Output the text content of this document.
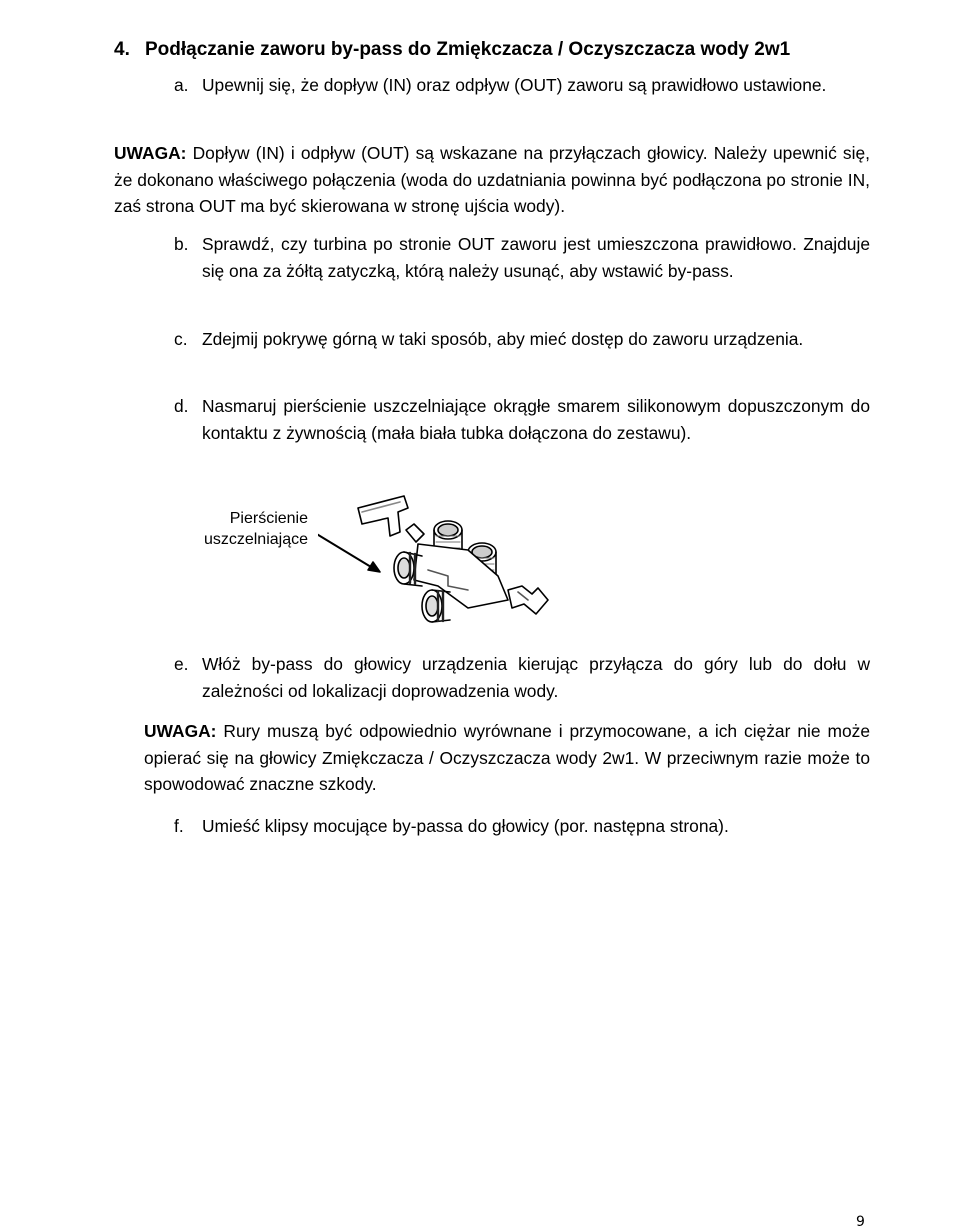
4. Podłączanie zaworu by-pass do Zmiękczacza / Oczyszczacza wody 2w1
a. Upewnij się, że dopływ (IN) oraz odpływ (OUT) zaworu są prawidłowo ustawione.

UWAGA: Dopływ (IN) i odpływ (OUT) są wskazane na przyłączach głowicy. Należy upewnić się, że dokonano właściwego połączenia (woda do uzdatniania powinna być podłączona po stronie IN, zaś strona OUT ma być skierowana w stronę ujścia wody).

b. Sprawdź, czy turbina po stronie OUT zaworu jest umieszczona prawidłowo. Znajduje się ona za żółtą zatyczką, którą należy usunąć, aby wstawić by-pass.

c. Zdejmij pokrywę górną w taki sposób, aby mieć dostęp do zaworu urządzenia.

d. Nasmaruj pierścienie uszczelniające okrągłe smarem silikonowym dopuszczonym do kontaktu z żywnością (mała biała tubka dołączona do zestawu).

Pierścienie
uszczelniające
e. Włóż by-pass do głowicy urządzenia kierując przyłącza do góry lub do dołu w zależności od lokalizacji doprowadzenia wody.

UWAGA: Rury muszą być odpowiednio wyrównane i przymocowane, a ich ciężar nie może opierać się na głowicy Zmiękczacza / Oczyszczacza wody 2w1. W przeciwnym razie może to spowodować znaczne szkody.

f. Umieść klipsy mocujące by-passa do głowicy (por. następna strona).

9
